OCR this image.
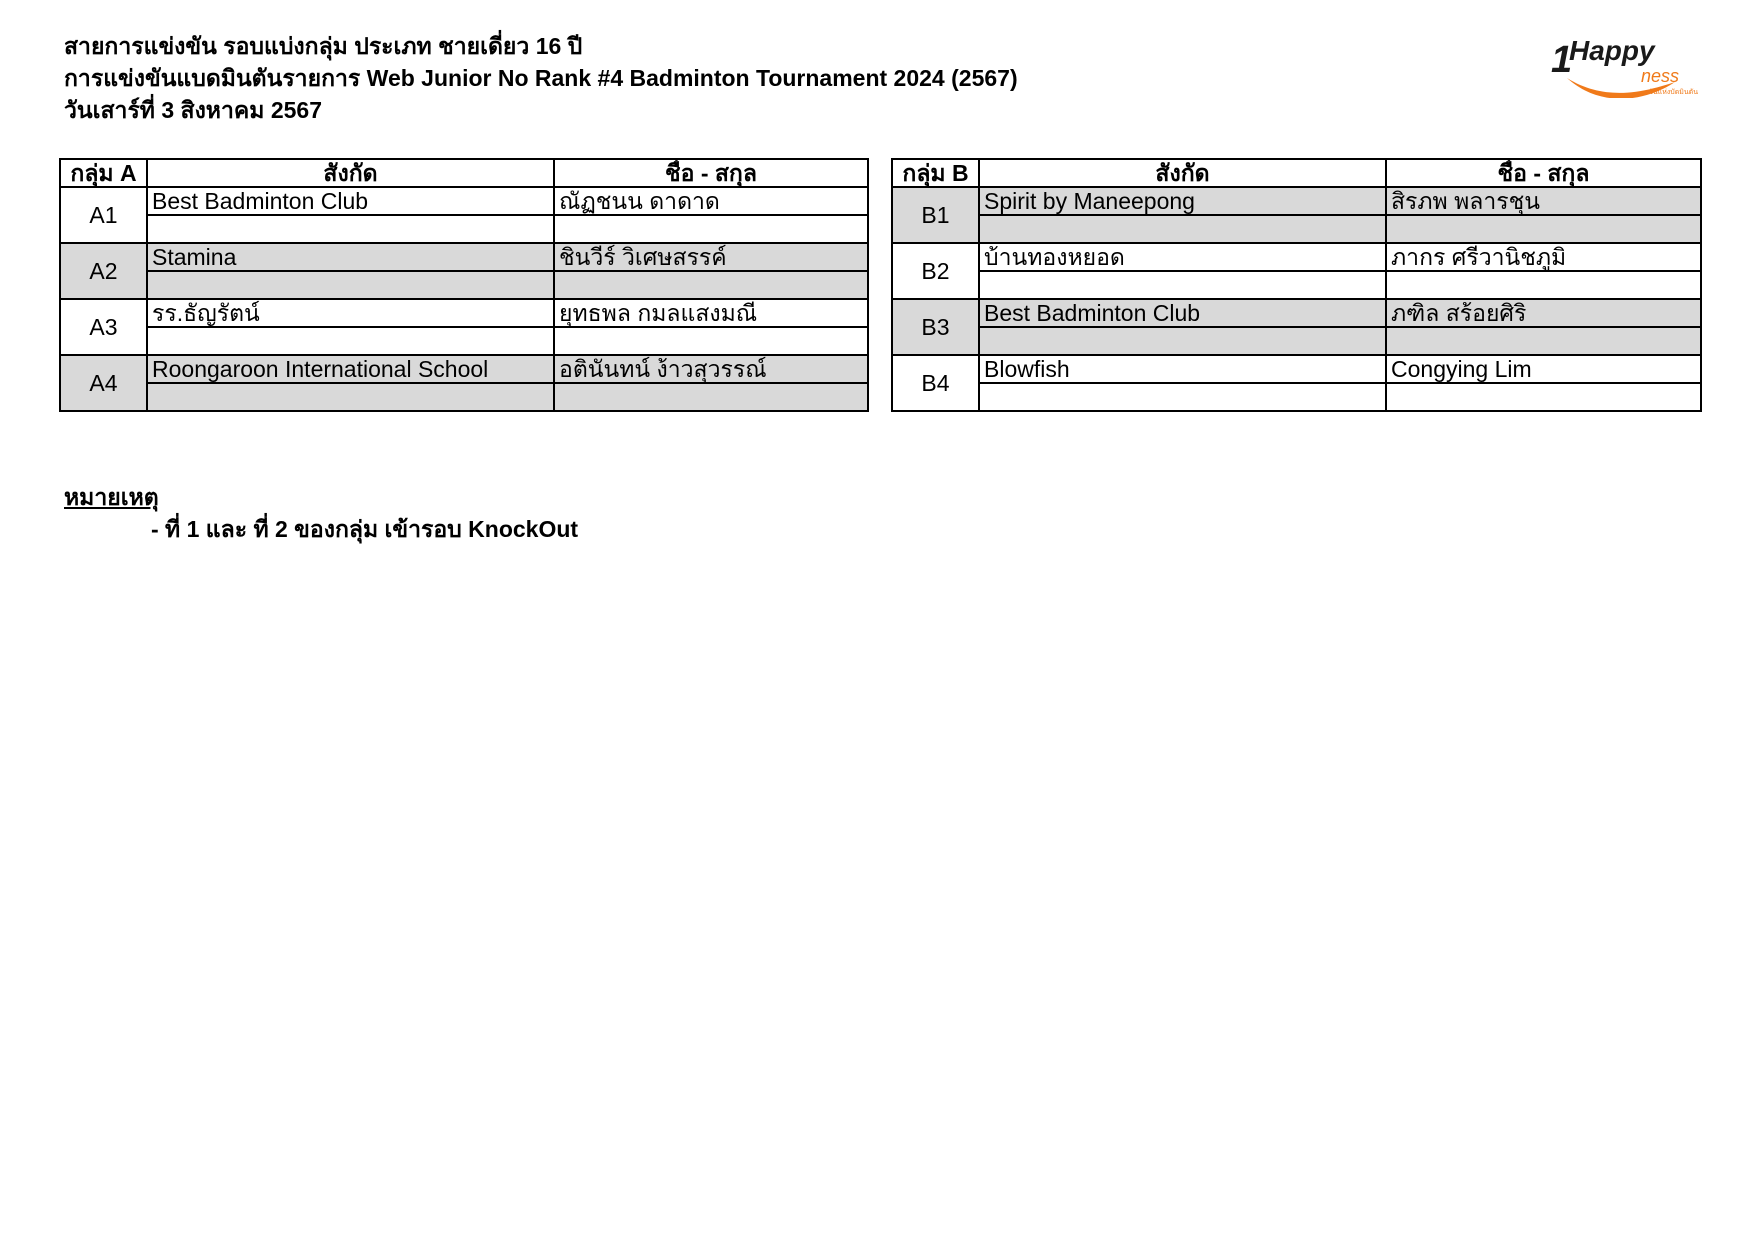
สายการแข่งขัน รอบแบ่งกลุ่ม ประเภท ชายเดี่ยว 16 ปี
การแข่งขันแบดมินตันรายการ Web Junior No Rank #4 Badminton Tournament 2024 (2567)
วันเสาร์ที่ 3 สิงหาคม 2567
1
Happy
ness
วันแห่งบัดมินตัน
กลุ่ม A	สังกัด	ชื่อ - สกุล
A1	Best Badminton Club	ณัฏชนน ดาดาด

A2	Stamina	ชินวีร์ วิเศษสรรค์

A3	รร.ธัญรัตน์	ยุทธพล กมลแสงมณี

A4	Roongaroon International School	อตินันทน์ ง้าวสุวรรณ์

กลุ่ม B	สังกัด	ชื่อ - สกุล
B1	Spirit by Maneepong	สิรภพ พลารชุน

B2	บ้านทองหยอด	ภากร ศรีวานิชภูมิ

B3	Best Badminton Club	ภฑิล สร้อยศิริ

B4	Blowfish	Congying Lim

หมายเหตุ
- ที่ 1 และ ที่ 2 ของกลุ่ม เข้ารอบ KnockOut
